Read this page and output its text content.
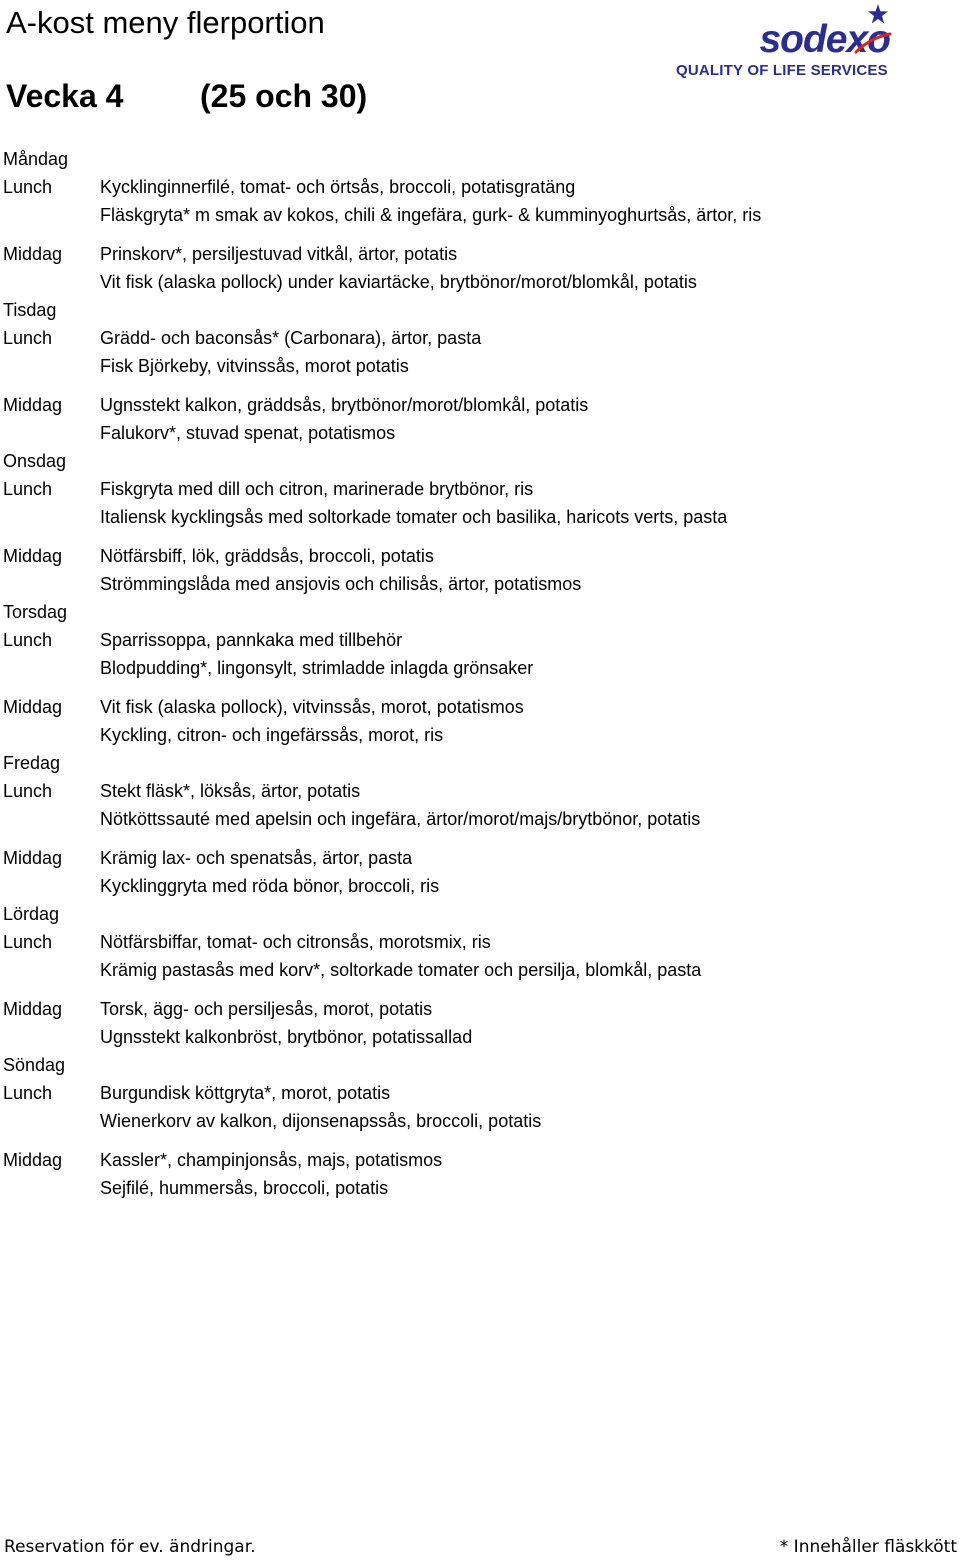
A-kost meny flerportion
Vecka 4 (25 och 30)
sodexo
QUALITY OF LIFE SERVICES
Måndag
Lunch	Kycklinginnerfilé, tomat- och örtsås, broccoli, potatisgratäng
Fläskgryta* m smak av kokos, chili & ingefära, gurk- & kumminyoghurtsås, ärtor, ris
Middag	Prinskorv*, persiljestuvad vitkål, ärtor, potatis
Vit fisk (alaska pollock) under kaviartäcke, brytbönor/morot/blomkål, potatis
Tisdag
Lunch	Grädd- och baconsås* (Carbonara), ärtor, pasta
Fisk Björkeby, vitvinssås, morot potatis
Middag	Ugnsstekt kalkon, gräddsås, brytbönor/morot/blomkål, potatis
Falukorv*, stuvad spenat, potatismos
Onsdag
Lunch	Fiskgryta med dill och citron, marinerade brytbönor, ris
Italiensk kycklingsås med soltorkade tomater och basilika, haricots verts, pasta
Middag	Nötfärsbiff, lök, gräddsås, broccoli, potatis
Strömmingslåda med ansjovis och chilisås, ärtor, potatismos
Torsdag
Lunch	Sparrissoppa, pannkaka med tillbehör
Blodpudding*, lingonsylt, strimladde inlagda grönsaker
Middag	Vit fisk (alaska pollock), vitvinssås, morot, potatismos
Kyckling, citron- och ingefärssås, morot, ris
Fredag
Lunch	Stekt fläsk*, löksås, ärtor, potatis
Nötköttssauté med apelsin och ingefära, ärtor/morot/majs/brytbönor, potatis
Middag	Krämig lax- och spenatsås, ärtor, pasta
Kycklinggryta med röda bönor, broccoli, ris
Lördag
Lunch	Nötfärsbiffar, tomat- och citronsås, morotsmix, ris
Krämig pastasås med korv*, soltorkade tomater och persilja, blomkål, pasta
Middag	Torsk, ägg- och persiljesås, morot, potatis
Ugnsstekt kalkonbröst, brytbönor, potatissallad
Söndag
Lunch	Burgundisk köttgryta*, morot, potatis
Wienerkorv av kalkon, dijonsenapssås, broccoli, potatis
Middag	Kassler*, champinjonsås, majs, potatismos
Sejfilé, hummersås, broccoli, potatis
Reservation för ev. ändringar.	* Innehåller fläskkött
